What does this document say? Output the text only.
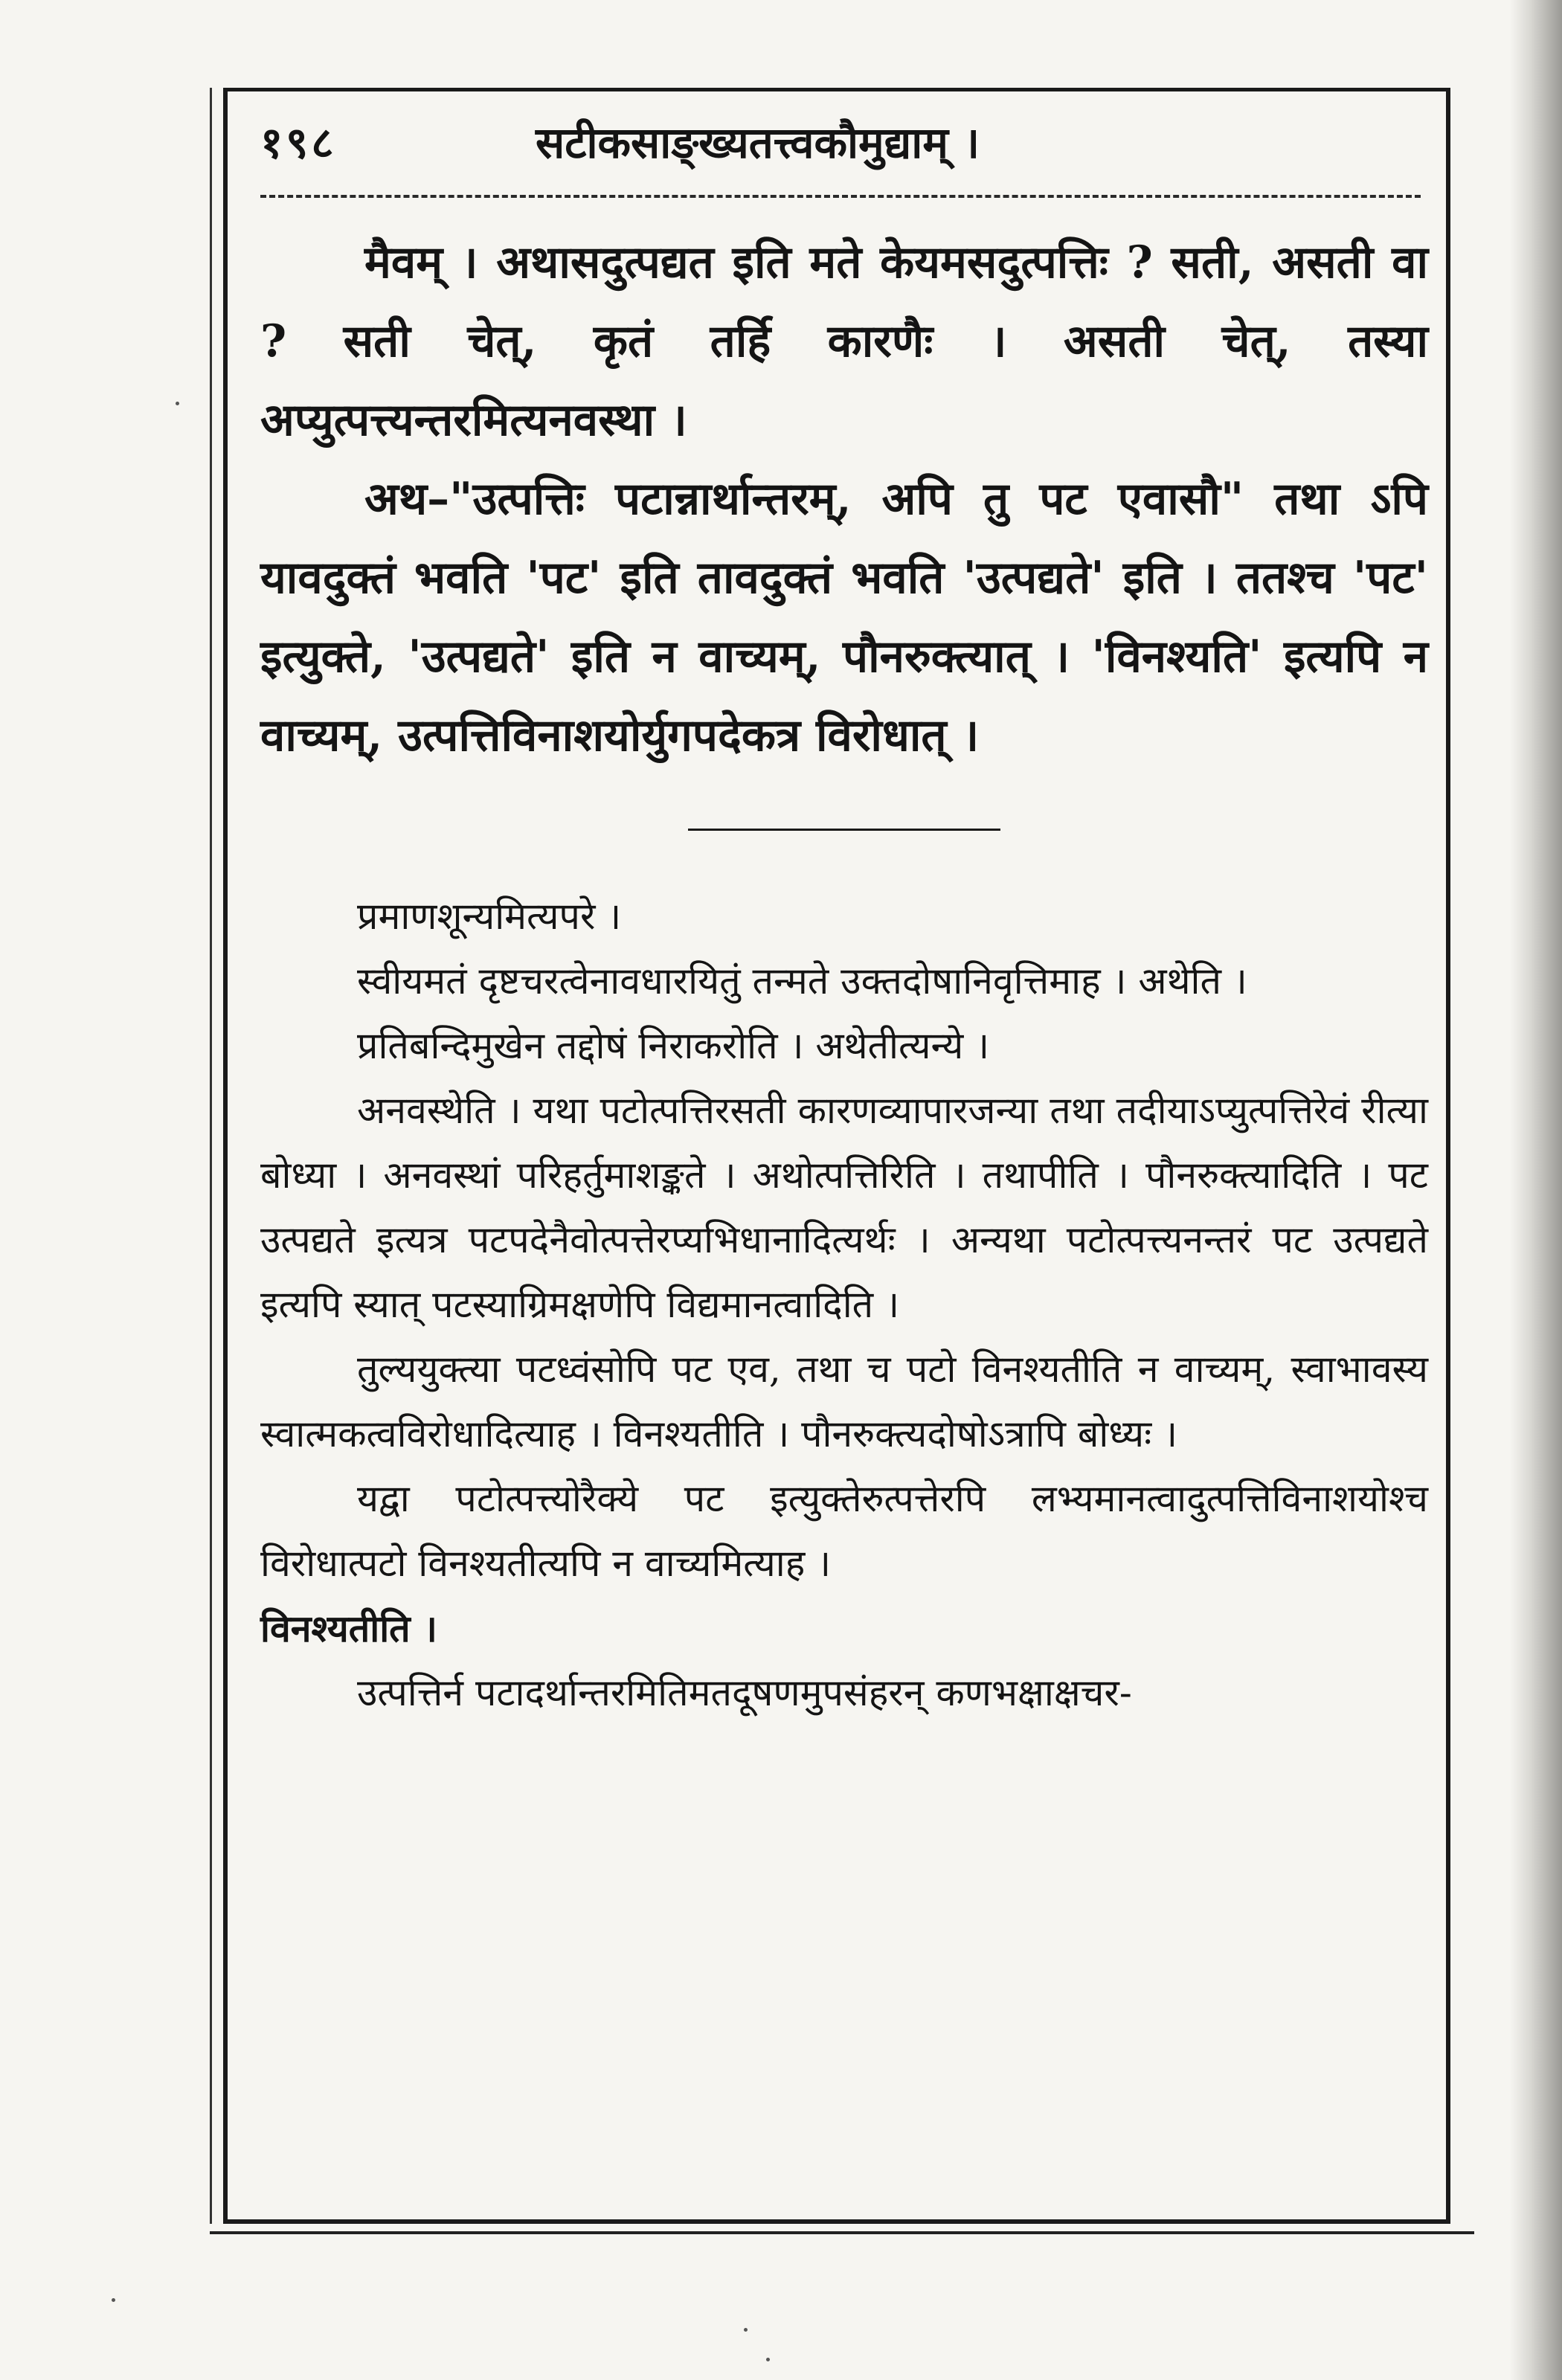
१९८	सटीकसाङ्ख्यतत्त्वकौमुद्याम् ।

मैवम् । अथासदुत्पद्यत इति मते केयमसदुत्पत्तिः ? सती, असती वा ? सती चेत्, कृतं तर्हि कारणैः । असती चेत्, तस्या अप्युत्पत्त्यन्तरमित्यनवस्था ।

अथ–"उत्पत्तिः पटान्नार्थान्तरम्, अपि तु पट एवासौ" तथा ऽपि यावदुक्तं भवति 'पट' इति तावदुक्तं भवति 'उत्पद्यते' इति । ततश्च 'पट' इत्युक्ते, 'उत्पद्यते' इति न वाच्यम्, पौनरुक्त्यात् । 'विनश्यति' इत्यपि न वाच्यम्, उत्पत्तिविनाशयोर्युगपदेकत्र विरोधात् ।

प्रमाणशून्यमित्यपरे ।

स्वीयमतं दृष्टचरत्वेनावधारयितुं तन्मते उक्तदोषानिवृत्तिमाह । अथेति ।

प्रतिबन्दिमुखेन तद्दोषं निराकरोति । अथेतीत्यन्ये ।

अनवस्थेति । यथा पटोत्पत्तिरसती कारणव्यापारजन्या तथा तदीयाऽप्युत्पत्तिरेवं रीत्या बोध्या । अनवस्थां परिहर्तुमाशङ्कते । अथोत्पत्तिरिति । तथापीति । पौनरुक्त्यादिति । पट उत्पद्यते इत्यत्र पटपदेनैवोत्पत्तेरप्यभिधानादित्यर्थः । अन्यथा पटोत्पत्त्यनन्तरं पट उत्पद्यते इत्यपि स्यात् पटस्याग्रिमक्षणेपि विद्यमानत्वादिति ।

तुल्ययुक्त्या पटध्वंसोपि पट एव, तथा च पटो विनश्यतीति न वाच्यम्, स्वाभावस्य स्वात्मकत्वविरोधादित्याह । विनश्यतीति । पौनरुक्त्यदोषोऽत्रापि बोध्यः ।

यद्वा पटोत्पत्त्योरैक्ये पट इत्युक्तेरुत्पत्तेरपि लभ्यमानत्वादुत्पत्तिविनाशयोश्च विरोधात्पटो विनश्यतीत्यपि न वाच्यमित्याह ।

विनश्यतीति ।

उत्पत्तिर्न पटादर्थान्तरमितिमतदूषणमुपसंहरन् कणभक्षाक्षचर-
